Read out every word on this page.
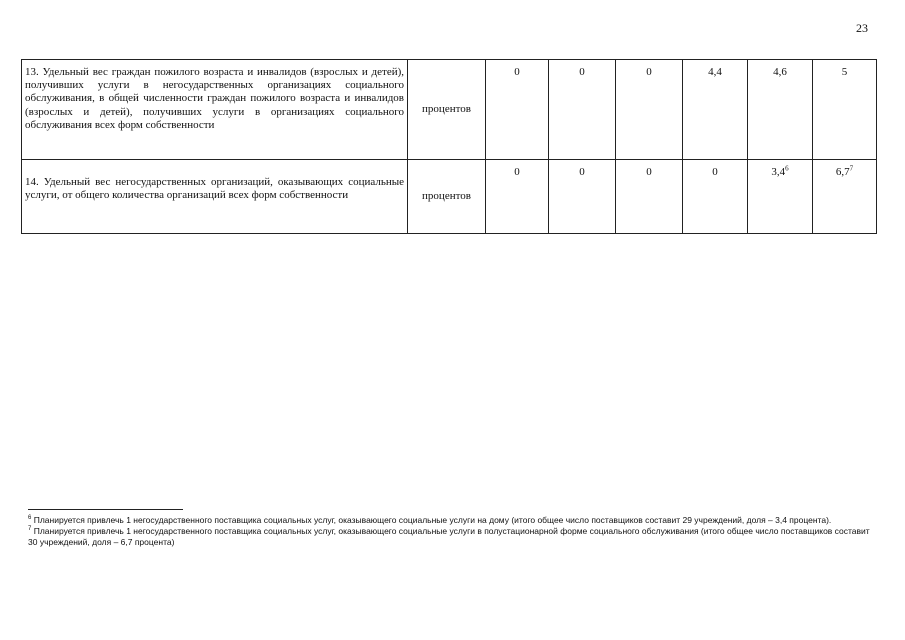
23
13. Удельный вес граждан пожилого возраста и инвалидов (взрослых и детей), получивших услуги в негосударственных организациях социального обслуживания, в общей численности граждан пожилого возраста и инвалидов (взрослых и детей), получивших услуги в организациях социального обслуживания всех форм собственности	процентов	0	0	0	4,4	4,6	5
14. Удельный вес негосударственных организаций, оказывающих социальные услуги, от общего количества организаций всех форм собственности	процентов	0	0	0	0	$3,4^6$	$6,7^7$

$^6$ Планируется привлечь 1 негосударственного поставщика социальных услуг, оказывающего социальные услуги на дому (итого общее число поставщиков составит 29 учреждений, доля – 3,4 процента).

$^7$ Планируется привлечь 1 негосударственного поставщика социальных услуг, оказывающего социальные услуги в полустационарной форме социального обслуживания (итого общее число поставщиков составит 30 учреждений, доля – 6,7 процента)
